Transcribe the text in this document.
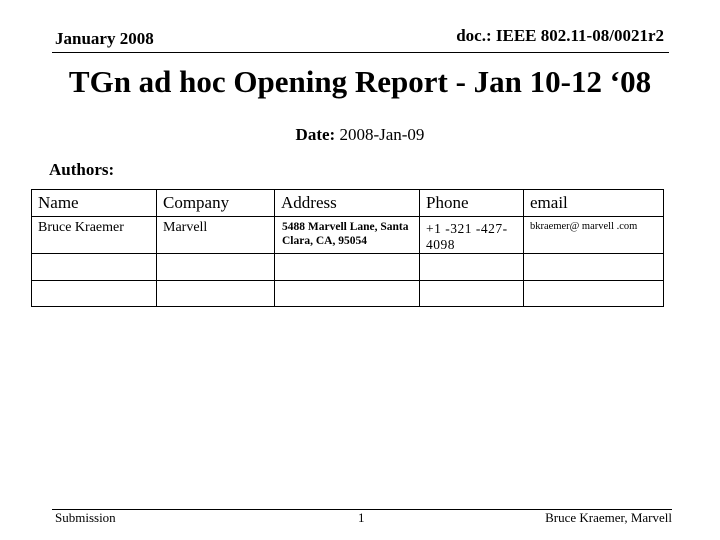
January 2008	doc.: IEEE 802.11-08/0021r2
TGn ad hoc Opening Report - Jan 10-12 ‘08
Date: 2008-Jan-09
Authors:
Name	Company	Address	Phone	email

Bruce Kraemer	Marvell	5488 Marvell Lane, Santa Clara, CA, 95054	+1 -321 -427-4098	bkraemer@ marvell .com

Submission	1	Bruce Kraemer, Marvell
